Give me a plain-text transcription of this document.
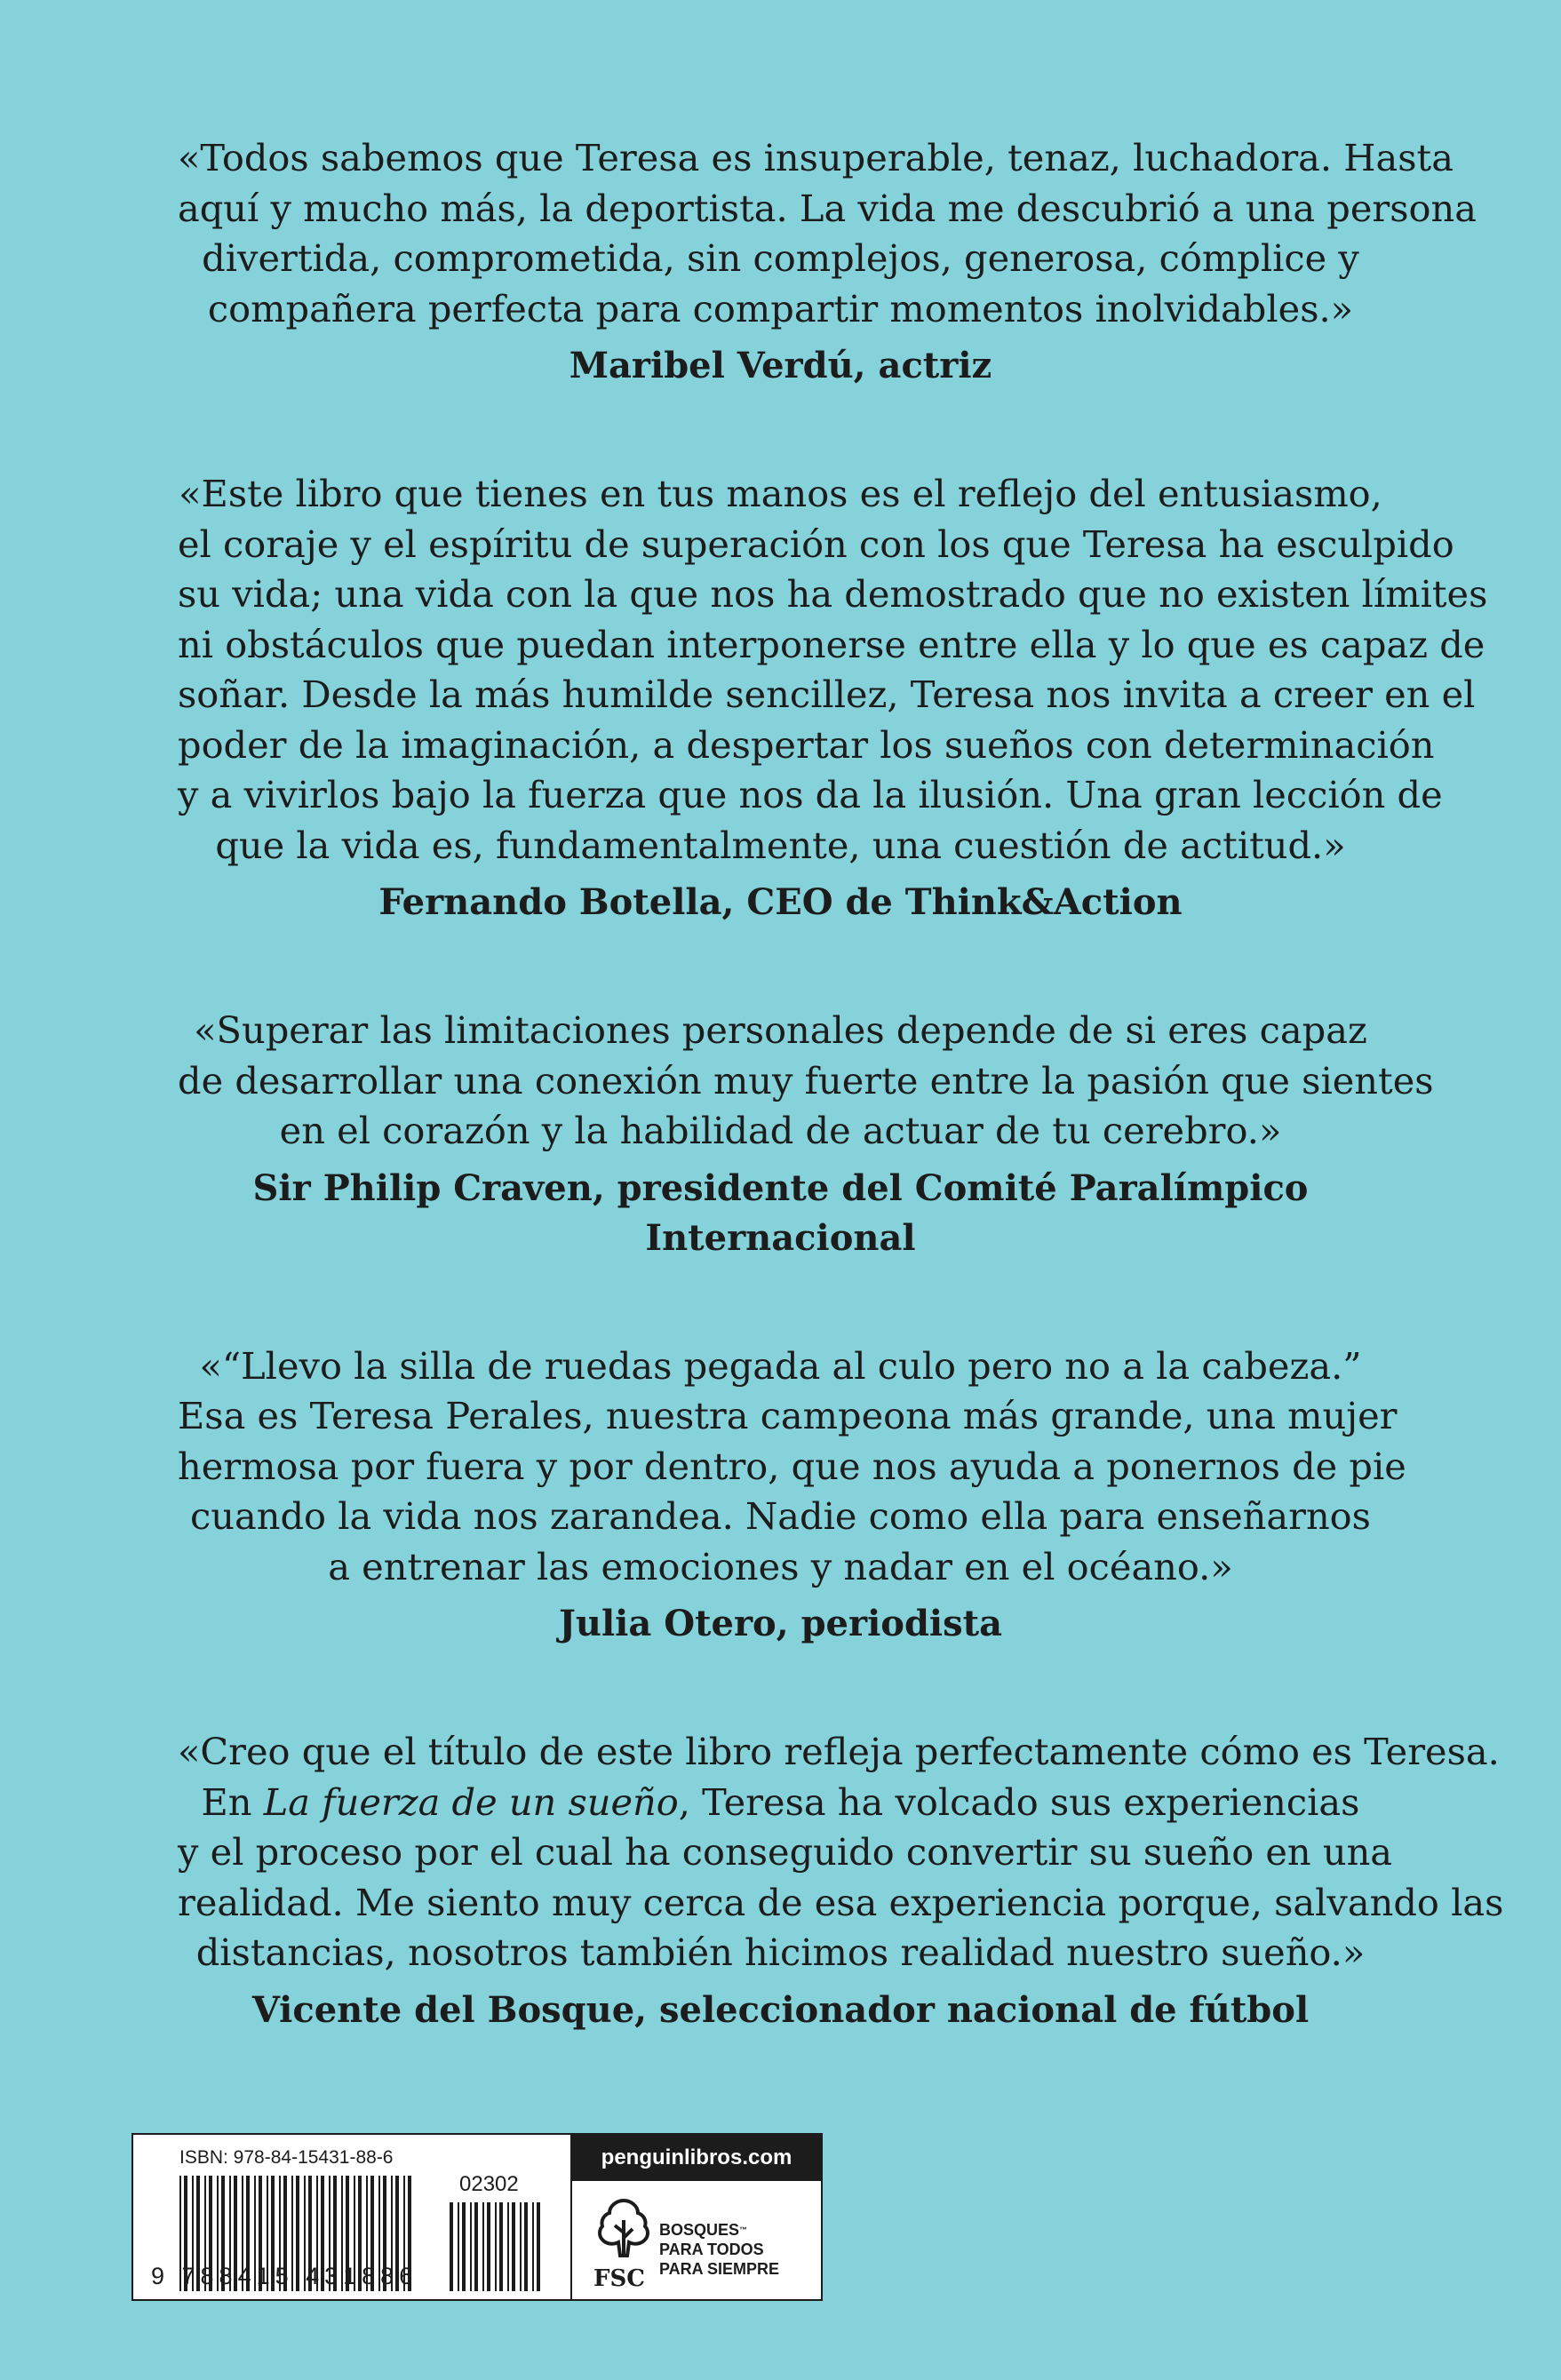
«Todos sabemos que Teresa es insuperable, tenaz, luchadora. Hasta
aquí y mucho más, la deportista. La vida me descubrió a una persona
divertida, comprometida, sin complejos, generosa, cómplice y
compañera perfecta para compartir momentos inolvidables.»

Maribel Verdú, actriz

«Este libro que tienes en tus manos es el reflejo del entusiasmo,
el coraje y el espíritu de superación con los que Teresa ha esculpido
su vida; una vida con la que nos ha demostrado que no existen límites
ni obstáculos que puedan interponerse entre ella y lo que es capaz de
soñar. Desde la más humilde sencillez, Teresa nos invita a creer en el
poder de la imaginación, a despertar los sueños con determinación
y a vivirlos bajo la fuerza que nos da la ilusión. Una gran lección de
que la vida es, fundamentalmente, una cuestión de actitud.»

Fernando Botella, CEO de Think&Action

«Superar las limitaciones personales depende de si eres capaz
de desarrollar una conexión muy fuerte entre la pasión que sientes
en el corazón y la habilidad de actuar de tu cerebro.»

Sir Philip Craven, presidente del Comité Paralímpico
Internacional

«“Llevo la silla de ruedas pegada al culo pero no a la cabeza.”
Esa es Teresa Perales, nuestra campeona más grande, una mujer
hermosa por fuera y por dentro, que nos ayuda a ponernos de pie
cuando la vida nos zarandea. Nadie como ella para enseñarnos
a entrenar las emociones y nadar en el océano.»

Julia Otero, periodista

«Creo que el título de este libro refleja perfectamente cómo es Teresa.
En La fuerza de un sueño, Teresa ha volcado sus experiencias
y el proceso por el cual ha conseguido convertir su sueño en una
realidad. Me siento muy cerca de esa experiencia porque, salvando las
distancias, nosotros también hicimos realidad nuestro sueño.»

Vicente del Bosque, seleccionador nacional de fútbol
ISBN: 978-84-15431-88-6
02302
9 788415 431886
penguinlibros.com
FSC
BOSQUES™
PARA TODOS
PARA SIEMPRE
